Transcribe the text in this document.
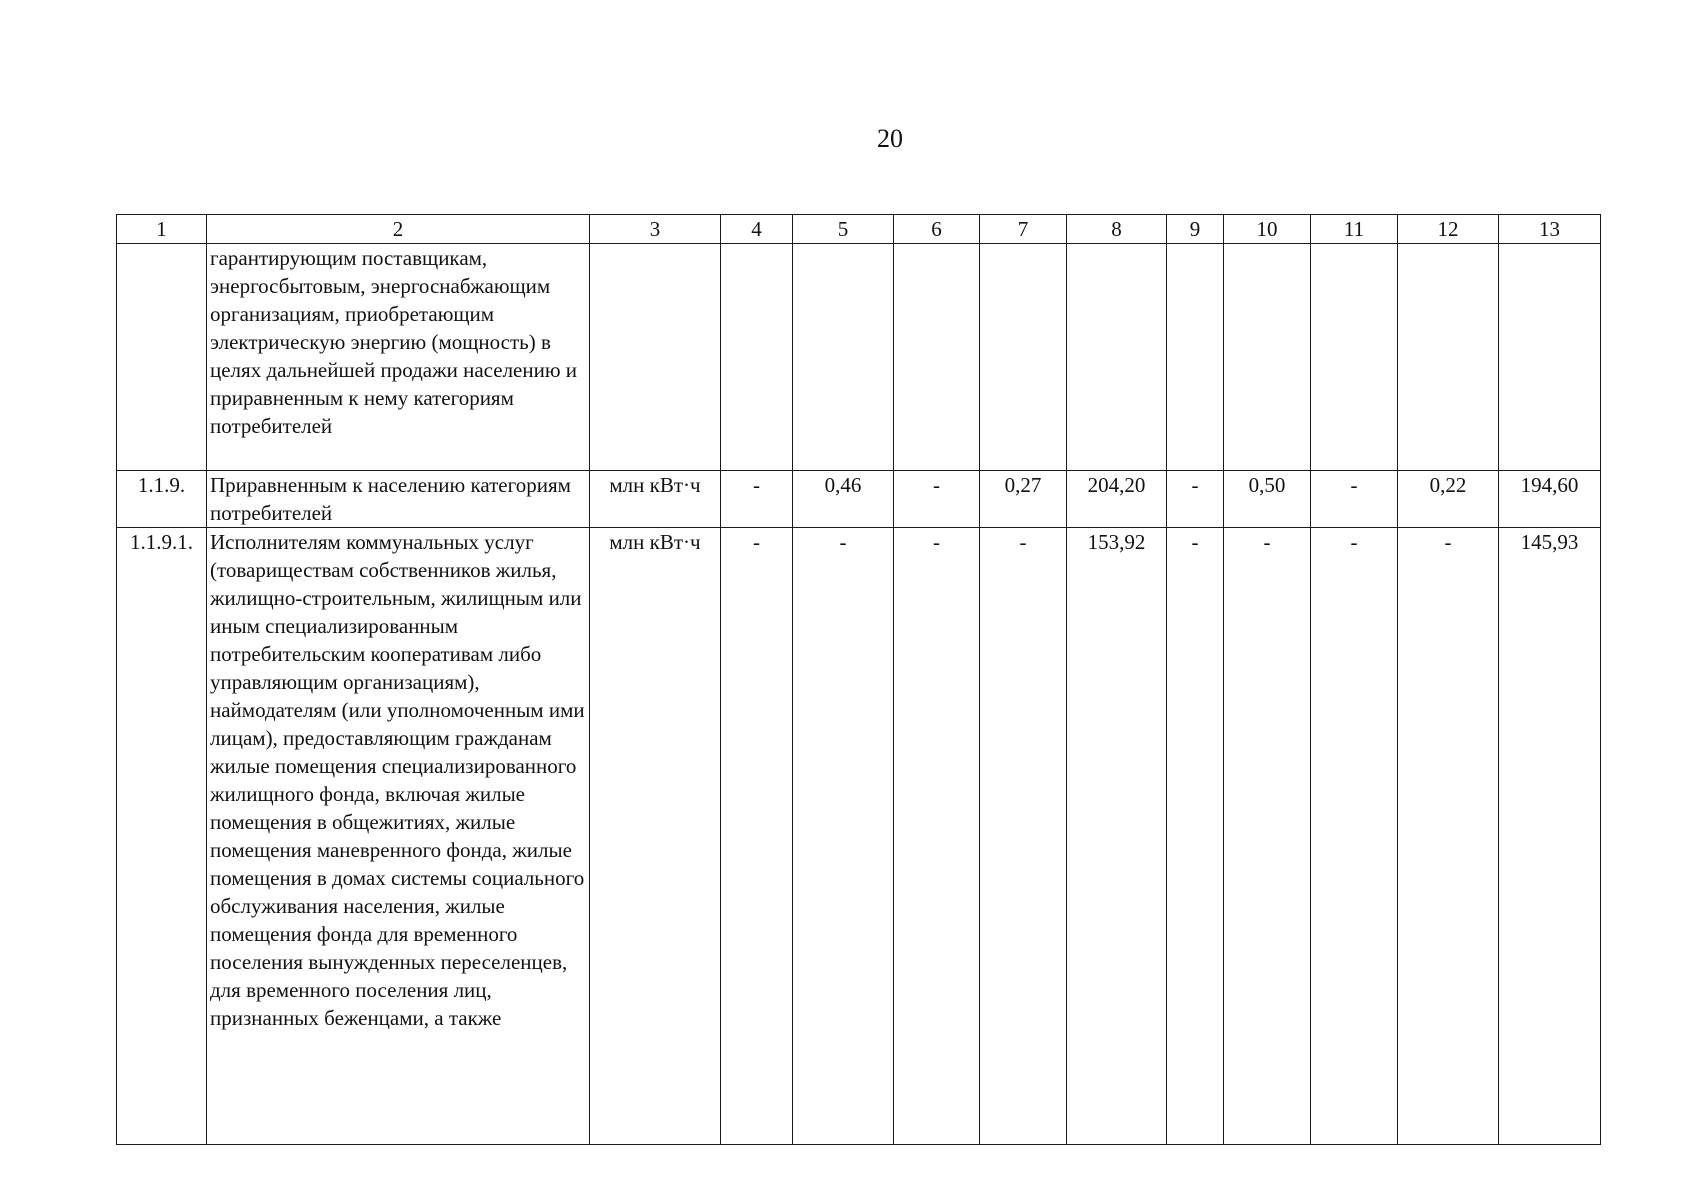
20
1	2	3	4	5	6	7	8	9	10	11	12	13
	гарантирующим поставщикам, энергосбытовым, энергоснабжающим организациям, приобретающим электрическую энергию (мощность) в целях дальнейшей продажи населению и приравненным к нему категориям потребителей											
1.1.9.	Приравненным к населению категориям потребителей	млн кВт·ч	-	0,46	-	0,27	204,20	-	0,50	-	0,22	194,60
1.1.9.1.	Исполнителям коммунальных услуг (товариществам собственников жилья, жилищно-строительным, жилищным или иным специализированным потребительским кооперативам либо управляющим организациям), наймодателям (или уполномоченным ими лицам), предоставляющим гражданам жилые помещения специализированного жилищного фонда, включая жилые помещения в общежитиях, жилые помещения маневренного фонда, жилые помещения в домах системы социального обслуживания населения, жилые помещения фонда для временного поселения вынужденных переселенцев, для временного поселения лиц, признанных беженцами, а также	млн кВт·ч	-	-	-	-	153,92	-	-	-	-	145,93
